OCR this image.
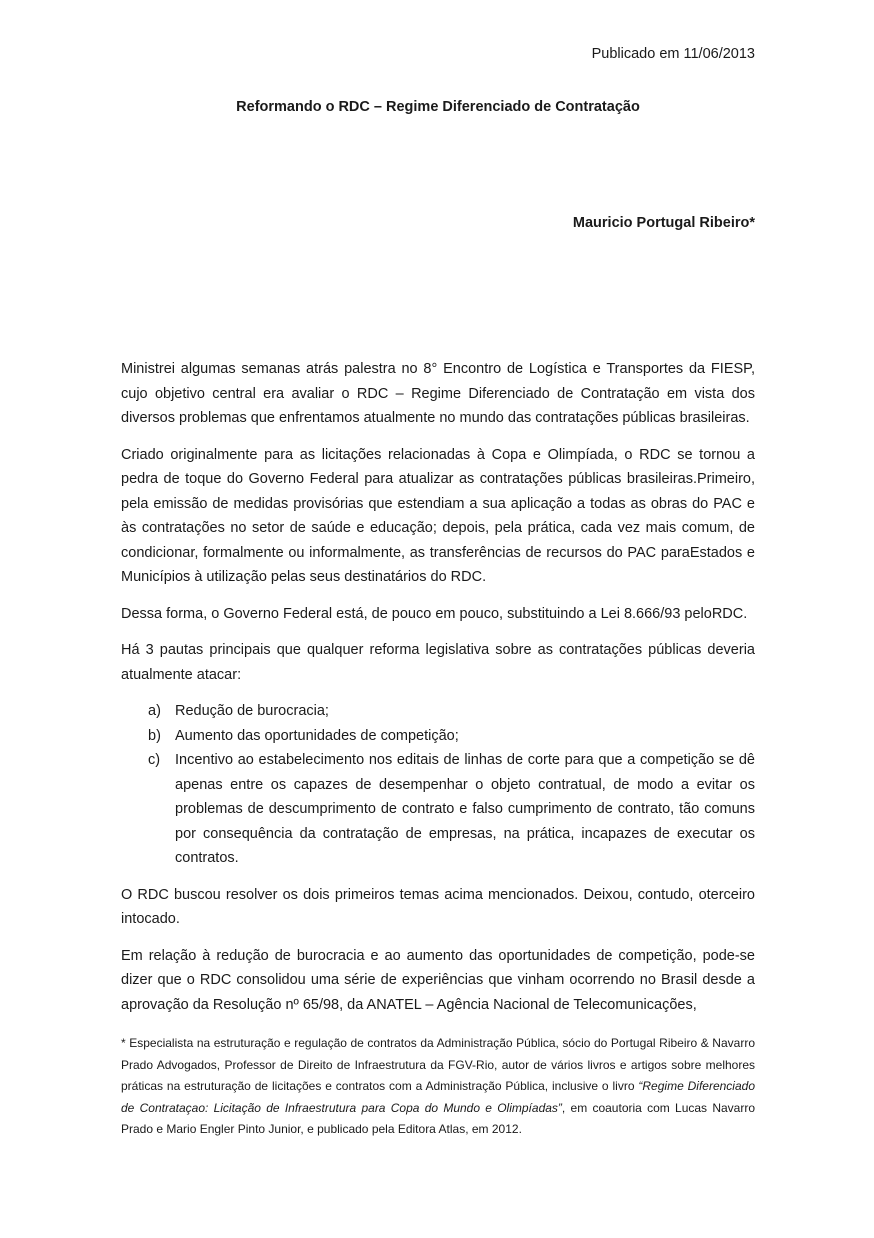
Publicado em 11/06/2013
Reformando o RDC – Regime Diferenciado de Contratação
Mauricio Portugal Ribeiro*

Ministrei algumas semanas atrás palestra no 8° Encontro de Logística e Transportes da FIESP, cujo objetivo central era avaliar o RDC – Regime Diferenciado de Contratação em vista dos diversos problemas que enfrentamos atualmente no mundo das contratações públicas brasileiras.

Criado originalmente para as licitações relacionadas à Copa e Olimpíada, o RDC se tornou a pedra de toque do Governo Federal para atualizar as contratações públicas brasileiras.Primeiro, pela emissão de medidas provisórias que estendiam a sua aplicação a todas as obras do PAC e às contratações no setor de saúde e educação; depois, pela prática, cada vez mais comum, de condicionar, formalmente ou informalmente, as transferências de recursos do PAC paraEstados e Municípios à utilização pelas seus destinatários do RDC.

Dessa forma, o Governo Federal está, de pouco em pouco, substituindo a Lei 8.666/93 peloRDC.

Há 3 pautas principais que qualquer reforma legislativa sobre as contratações públicas deveria atualmente atacar:

a) Redução de burocracia;
b) Aumento das oportunidades de competição;
c)	Incentivo ao estabelecimento nos editais de linhas de corte para que a competição se dê apenas entre os capazes de desempenhar o objeto contratual, de modo a evitar os problemas de descumprimento de contrato e falso cumprimento de contrato, tão comuns por consequência da contratação de empresas, na prática, incapazes de executar os contratos.

O RDC buscou resolver os dois primeiros temas acima mencionados. Deixou, contudo, oterceiro intocado.

Em relação à redução de burocracia e ao aumento das oportunidades de competição, pode-se dizer que o RDC consolidou uma série de experiências que vinham ocorrendo no Brasil desde a aprovação da Resolução nº 65/98, da ANATEL – Agência Nacional de Telecomunicações,

* Especialista na estruturação e regulação de contratos da Administração Pública, sócio do Portugal Ribeiro & Navarro Prado Advogados, Professor de Direito de Infraestrutura da FGV-Rio, autor de vários livros e artigos sobre melhores práticas na estruturação de licitações e contratos com a Administração Pública, inclusive o livro “Regime Diferenciado de Contrataçao: Licitação de Infraestrutura para Copa do Mundo e Olimpíadas”, em coautoria com Lucas Navarro Prado e Mario Engler Pinto Junior, e publicado pela Editora Atlas, em 2012.
